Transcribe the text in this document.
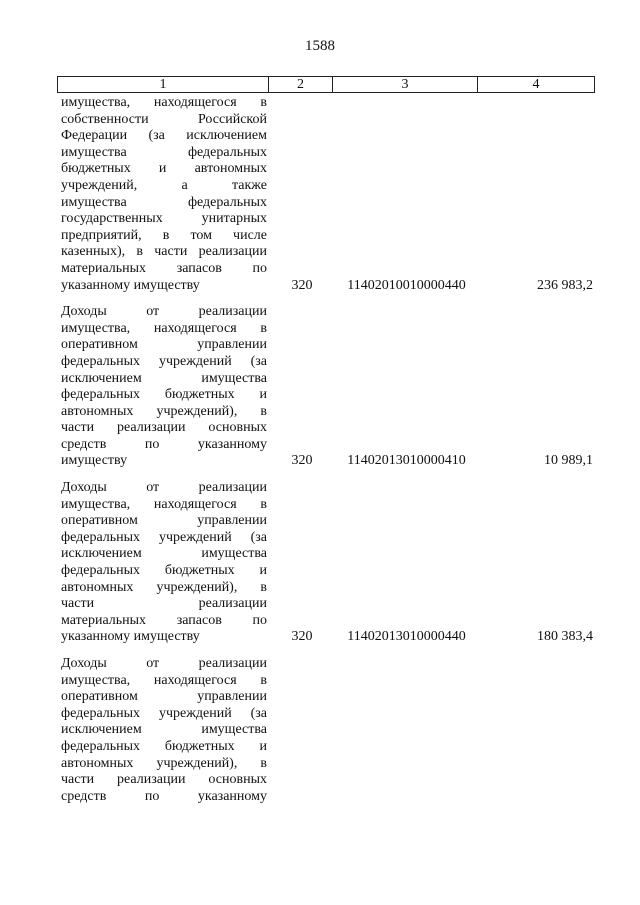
1588
1	2	3	4
имущества, находящегося в
собственности Российской
Федерации (за исключением
имущества федеральных
бюджетных и автономных
учреждений, а также
имущества федеральных
государственных унитарных
предприятий, в том числе
казенных), в части реализации
материальных запасов по
указанному имуществу	320	11402010010000440	236 983,2
Доходы от реализации
имущества, находящегося в
оперативном управлении
федеральных учреждений (за
исключением имущества
федеральных бюджетных и
автономных учреждений), в
части реализации основных
средств по указанному
имуществу	320	11402013010000410	10 989,1
Доходы от реализации
имущества, находящегося в
оперативном управлении
федеральных учреждений (за
исключением имущества
федеральных бюджетных и
автономных учреждений), в
части реализации
материальных запасов по
указанному имуществу	320	11402013010000440	180 383,4
Доходы от реализации
имущества, находящегося в
оперативном управлении
федеральных учреждений (за
исключением имущества
федеральных бюджетных и
автономных учреждений), в
части реализации основных
средств по указанному
